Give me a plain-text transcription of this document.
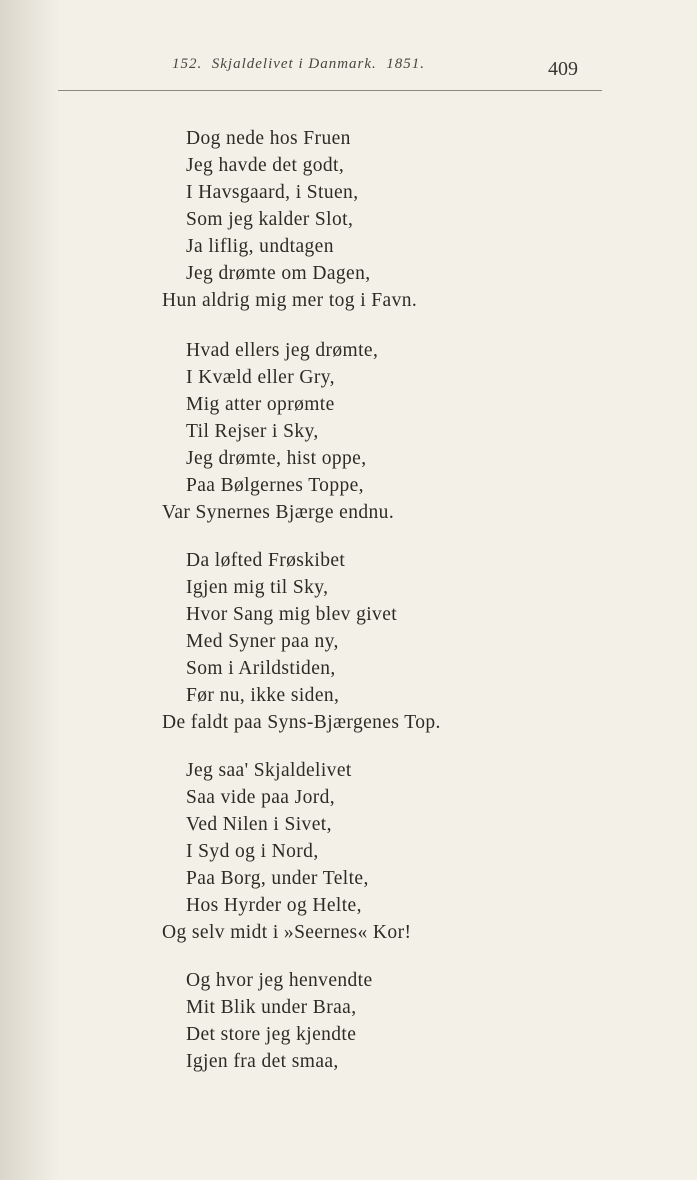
152.  Skjaldelivet i Danmark.  1851.	409
Dog nede hos Fruen
Jeg havde det godt,
I Havsgaard, i Stuen,
Som jeg kalder Slot,
Ja liflig, undtagen
Jeg drømte om Dagen,
Hun aldrig mig mer tog i Favn.
Hvad ellers jeg drømte,
I Kvæld eller Gry,
Mig atter oprømte
Til Rejser i Sky,
Jeg drømte, hist oppe,
Paa Bølgernes Toppe,
Var Synernes Bjærge endnu.
Da løfted Frøskibet
Igjen mig til Sky,
Hvor Sang mig blev givet
Med Syner paa ny,
Som i Arildstiden,
Før nu, ikke siden,
De faldt paa Syns-Bjærgenes Top.
Jeg saa' Skjaldelivet
Saa vide paa Jord,
Ved Nilen i Sivet,
I Syd og i Nord,
Paa Borg, under Telte,
Hos Hyrder og Helte,
Og selv midt i »Seernes« Kor!
Og hvor jeg henvendte
Mit Blik under Braa,
Det store jeg kjendte
Igjen fra det smaa,
